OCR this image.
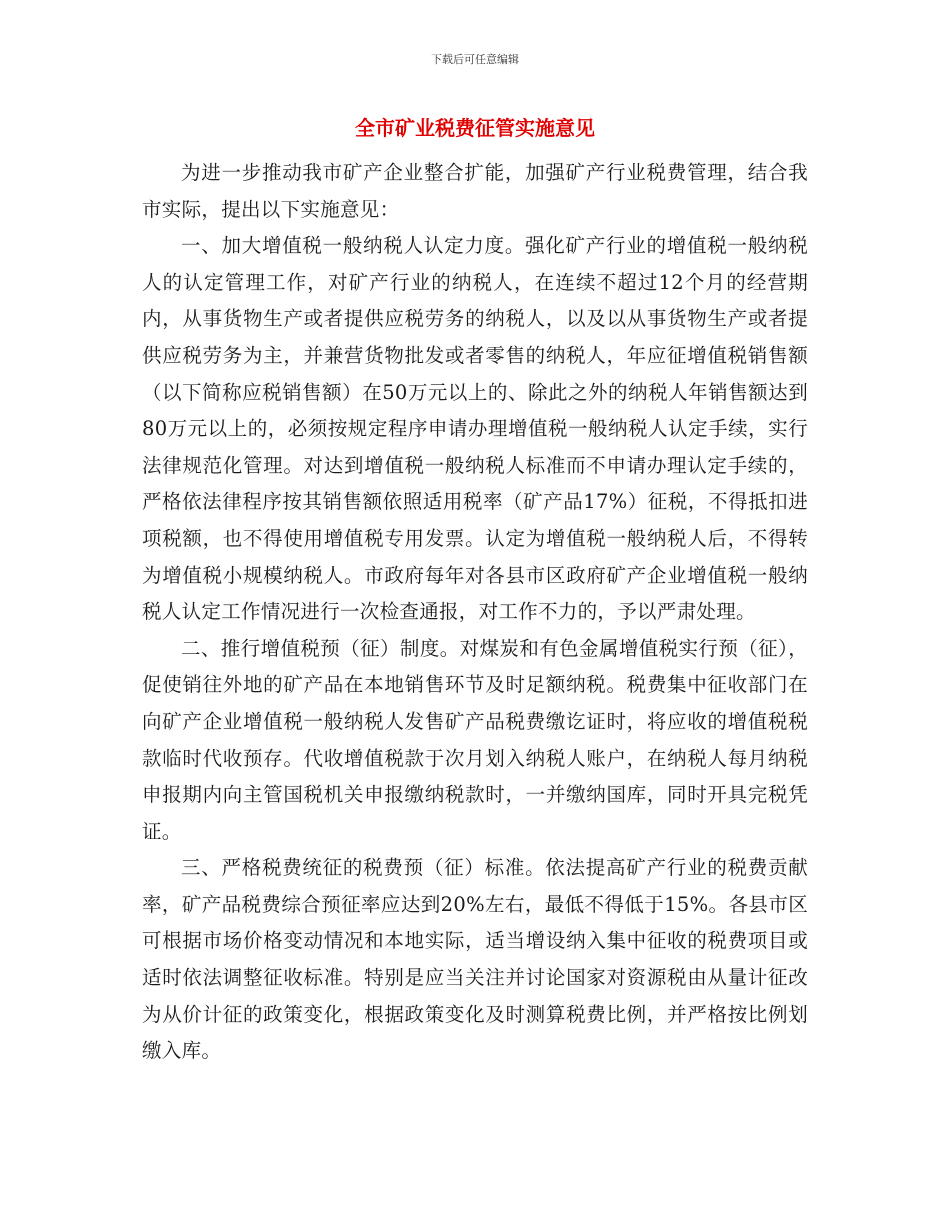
下载后可任意编辑
全市矿业税费征管实施意见

为进一步推动我市矿产企业整合扩能，加强矿产行业税费管理，结合我市实际，提出以下实施意见：

一、加大增值税一般纳税人认定力度。强化矿产行业的增值税一般纳税人的认定管理工作，对矿产行业的纳税人，在连续不超过12个月的经营期内，从事货物生产或者提供应税劳务的纳税人，以及以从事货物生产或者提供应税劳务为主，并兼营货物批发或者零售的纳税人，年应征增值税销售额（以下简称应税销售额）在50万元以上的、除此之外的纳税人年销售额达到80万元以上的，必须按规定程序申请办理增值税一般纳税人认定手续，实行法律规范化管理。对达到增值税一般纳税人标准而不申请办理认定手续的，严格依法律程序按其销售额依照适用税率（矿产品17%）征税，不得抵扣进项税额，也不得使用增值税专用发票。认定为增值税一般纳税人后，不得转为增值税小规模纳税人。市政府每年对各县市区政府矿产企业增值税一般纳税人认定工作情况进行一次检查通报，对工作不力的，予以严肃处理。

二、推行增值税预（征）制度。对煤炭和有色金属增值税实行预（征），促使销往外地的矿产品在本地销售环节及时足额纳税。税费集中征收部门在向矿产企业增值税一般纳税人发售矿产品税费缴讫证时，将应收的增值税税款临时代收预存。代收增值税款于次月划入纳税人账户，在纳税人每月纳税申报期内向主管国税机关申报缴纳税款时，一并缴纳国库，同时开具完税凭证。

三、严格税费统征的税费预（征）标准。依法提高矿产行业的税费贡献率，矿产品税费综合预征率应达到20%左右，最低不得低于15%。各县市区可根据市场价格变动情况和本地实际，适当增设纳入集中征收的税费项目或适时依法调整征收标准。特别是应当关注并讨论国家对资源税由从量计征改为从价计征的政策变化，根据政策变化及时测算税费比例，并严格按比例划缴入库。
